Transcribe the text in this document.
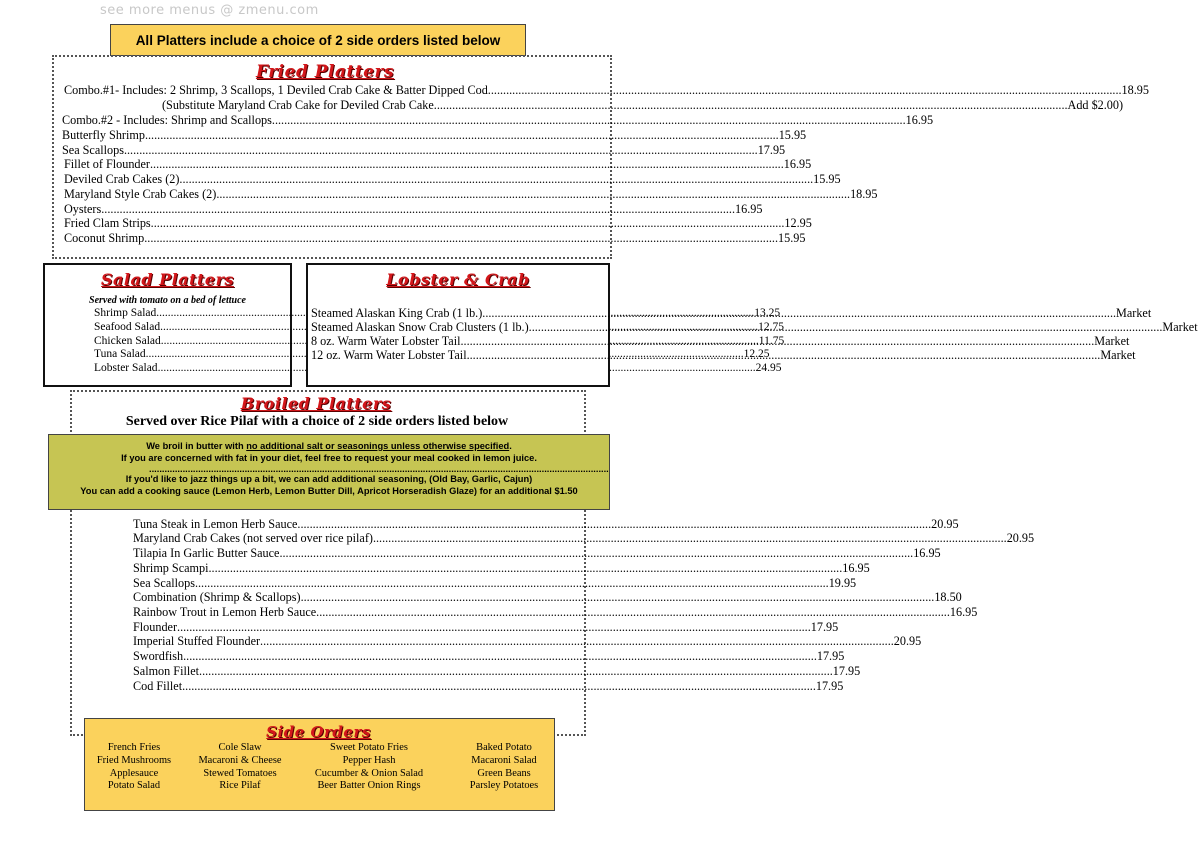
see more menus @ zmenu.com
All Platters include a choice of 2 side orders listed below
Fried Platters
Combo.#1- Includes: 2 Shrimp, 3 Scallops, 1 Deviled Crab Cake & Batter Dipped Cod .....	18.95
(Substitute Maryland Crab Cake for Deviled Crab Cake .....	Add $2.00)
Combo.#2 - Includes: Shrimp and Scallops .....	16.95
Butterfly Shrimp .....	15.95
Sea Scallops .....	17.95
Fillet of Flounder .....	16.95
Deviled Crab Cakes (2) .....	15.95
Maryland Style Crab Cakes (2) .....	18.95
Oysters .....	16.95
Fried Clam Strips .....	12.95
Coconut Shrimp .....	15.95
Salad Platters
Served with tomato on a bed of lettuce
Shrimp Salad .....	13.25
Seafood Salad .....	12.75
Chicken Salad .....	11.75
Tuna Salad .....	12.25
Lobster Salad .....	24.95
Lobster & Crab
Steamed Alaskan King Crab (1 lb.) .....	Market
Steamed Alaskan Snow Crab Clusters (1 lb.) .....	Market
8 oz. Warm Water Lobster Tail .....	Market
12 oz. Warm Water Lobster Tail .....	Market
Broiled Platters
Served over Rice Pilaf with a choice of 2 side orders listed below
We broil in butter with no additional salt or seasonings unless otherwise specified.
If you are concerned with fat in your diet, feel free to request your meal cooked in lemon juice.
..................................................................................................................................................................................
If you'd like to jazz things up a bit, we can add additional seasoning, (Old Bay, Garlic, Cajun)
You can add a cooking sauce (Lemon Herb, Lemon Butter Dill, Apricot Horseradish Glaze) for an additional $1.50
Tuna Steak in Lemon Herb Sauce .....	20.95
Maryland Crab Cakes (not served over rice pilaf) .....	20.95
Tilapia In Garlic Butter Sauce .....	16.95
Shrimp Scampi .....	16.95
Sea Scallops .....	19.95
Combination (Shrimp & Scallops) .....	18.50
Rainbow Trout in Lemon Herb Sauce .....	16.95
Flounder .....	17.95
Imperial Stuffed Flounder .....	20.95
Swordfish .....	17.95
Salmon Fillet .....	17.95
Cod Fillet .....	17.95
Side Orders
French Fries
Fried Mushrooms
Applesauce
Potato Salad
Cole Slaw
Macaroni & Cheese
Stewed Tomatoes
Rice Pilaf
Sweet Potato Fries
Pepper Hash
Cucumber & Onion Salad
Beer Batter Onion Rings
Baked Potato
Macaroni Salad
Green Beans
Parsley Potatoes
